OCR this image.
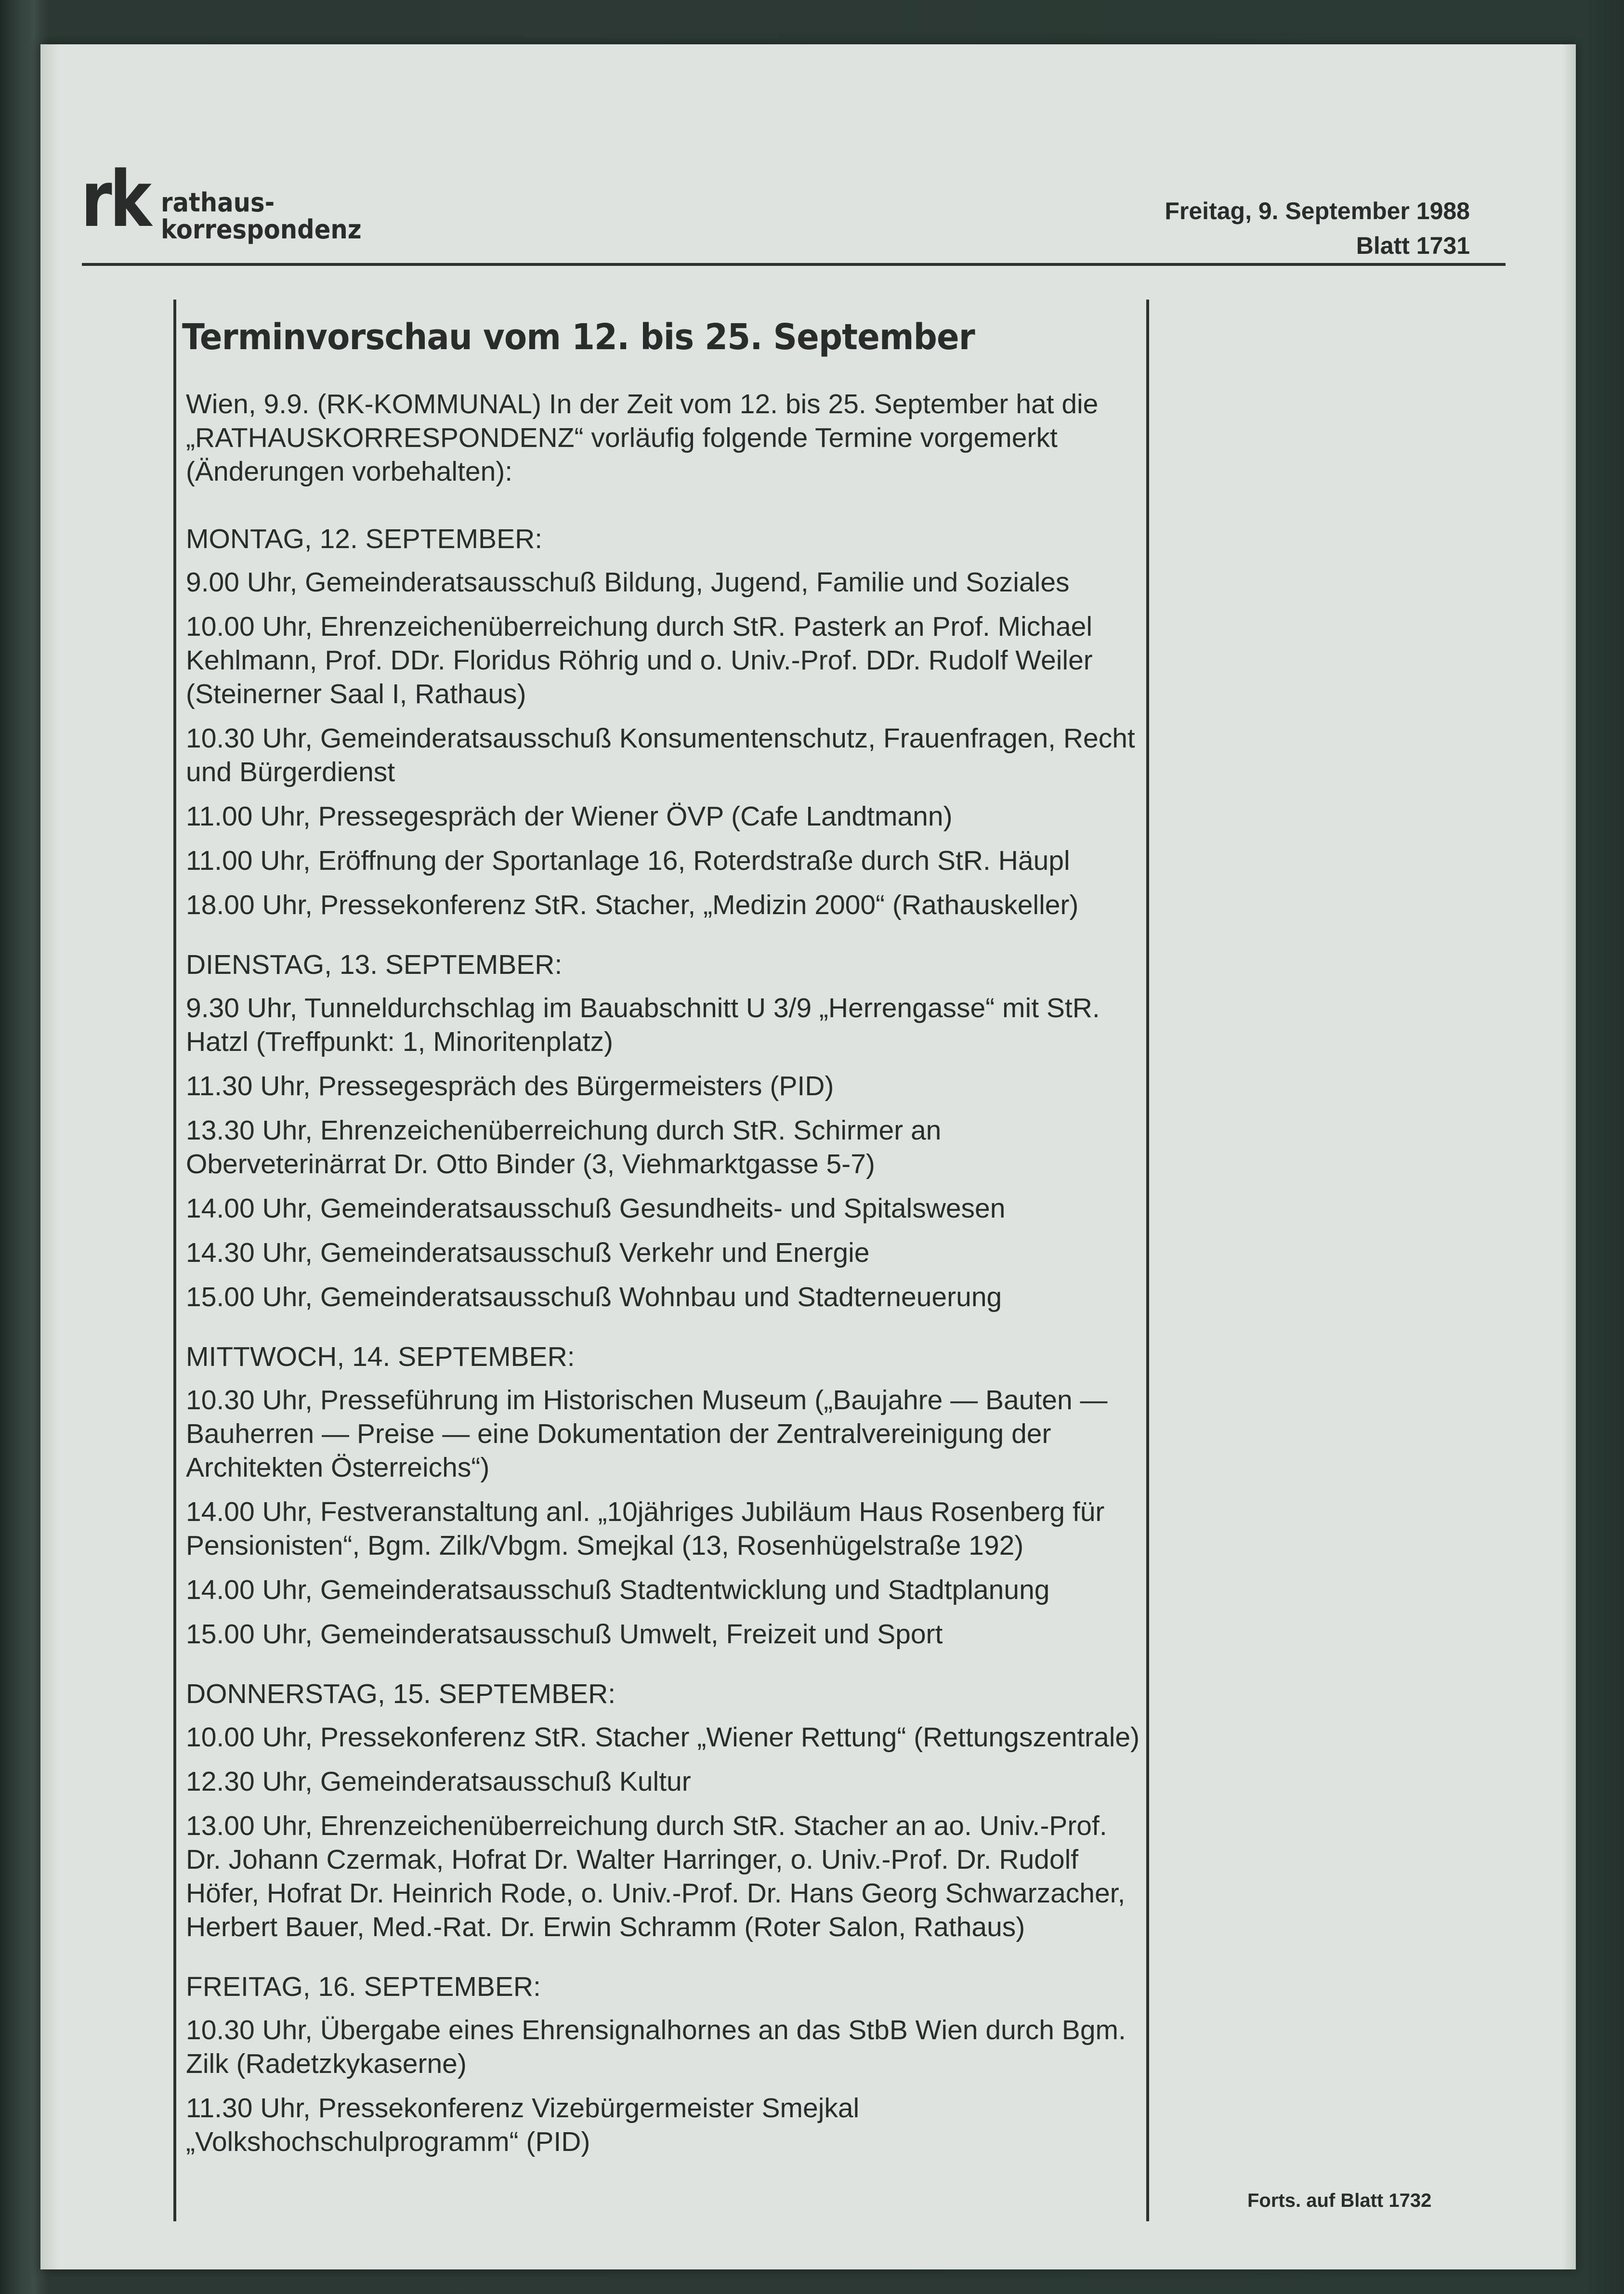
rk rathaus-
korrespondenz
Freitag, 9. September 1988
Blatt 1731
Terminvorschau vom 12. bis 25. September

Wien, 9.9. (RK-KOMMUNAL) In der Zeit vom 12. bis 25. September hat die „RATHAUSKORRESPONDENZ“ vorläufig folgende Termine vorgemerkt (Änderungen vorbehalten):

MONTAG, 12. SEPTEMBER:

9.00 Uhr, Gemeinderatsausschuß Bildung, Jugend, Familie und Soziales

10.00 Uhr, Ehrenzeichenüberreichung durch StR. Pasterk an Prof. Michael Kehlmann, Prof. DDr. Floridus Röhrig und o. Univ.-Prof. DDr. Rudolf Weiler (Steinerner Saal I, Rathaus)

10.30 Uhr, Gemeinderatsausschuß Konsumentenschutz, Frauenfragen, Recht und Bürgerdienst

11.00 Uhr, Pressegespräch der Wiener ÖVP (Cafe Landtmann)

11.00 Uhr, Eröffnung der Sportanlage 16, Roterdstraße durch StR. Häupl

18.00 Uhr, Pressekonferenz StR. Stacher, „Medizin 2000“ (Rathauskeller)

DIENSTAG, 13. SEPTEMBER:

9.30 Uhr, Tunneldurchschlag im Bauabschnitt U 3/9 „Herrengasse“ mit StR. Hatzl (Treffpunkt: 1, Minoritenplatz)

11.30 Uhr, Pressegespräch des Bürgermeisters (PID)

13.30 Uhr, Ehrenzeichenüberreichung durch StR. Schirmer an Oberveterinärrat Dr. Otto Binder (3, Viehmarktgasse 5-7)

14.00 Uhr, Gemeinderatsausschuß Gesundheits- und Spitalswesen

14.30 Uhr, Gemeinderatsausschuß Verkehr und Energie

15.00 Uhr, Gemeinderatsausschuß Wohnbau und Stadterneuerung

MITTWOCH, 14. SEPTEMBER:

10.30 Uhr, Presseführung im Historischen Museum („Baujahre — Bauten — Bauherren — Preise — eine Dokumentation der Zentralvereinigung der Architekten Österreichs“)

14.00 Uhr, Festveranstaltung anl. „10jähriges Jubiläum Haus Rosenberg für Pensionisten“, Bgm. Zilk/Vbgm. Smejkal (13, Rosenhügelstraße 192)

14.00 Uhr, Gemeinderatsausschuß Stadtentwicklung und Stadtplanung

15.00 Uhr, Gemeinderatsausschuß Umwelt, Freizeit und Sport

DONNERSTAG, 15. SEPTEMBER:

10.00 Uhr, Pressekonferenz StR. Stacher „Wiener Rettung“ (Rettungszentrale)

12.30 Uhr, Gemeinderatsausschuß Kultur

13.00 Uhr, Ehrenzeichenüberreichung durch StR. Stacher an ao. Univ.-Prof. Dr. Johann Czermak, Hofrat Dr. Walter Harringer, o. Univ.-Prof. Dr. Rudolf Höfer, Hofrat Dr. Heinrich Rode, o. Univ.-Prof. Dr. Hans Georg Schwarzacher, Herbert Bauer, Med.-Rat. Dr. Erwin Schramm (Roter Salon, Rathaus)

FREITAG, 16. SEPTEMBER:

10.30 Uhr, Übergabe eines Ehrensignalhornes an das StbB Wien durch Bgm. Zilk (Radetzkykaserne)

11.30 Uhr, Pressekonferenz Vizebürgermeister Smejkal „Volkshochschulprogramm“ (PID)

Forts. auf Blatt 1732
